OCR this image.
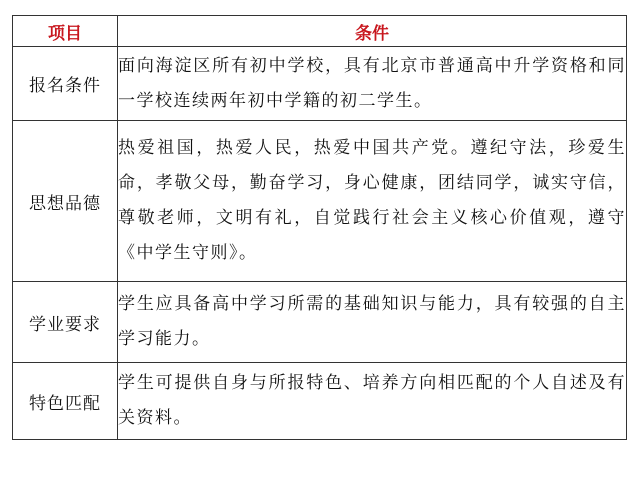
项目	条件
报名条件	面向海淀区所有初中学校，具有北京市普通高中升学资格和同一学校连续两年初中学籍的初二学生。
思想品德	热爱祖国，热爱人民，热爱中国共产党。遵纪守法，珍爱生命，孝敬父母，勤奋学习，身心健康，团结同学，诚实守信，尊敬老师，文明有礼，自觉践行社会主义核心价值观，遵守《中学生守则》。
学业要求	学生应具备高中学习所需的基础知识与能力，具有较强的自主学习能力。
特色匹配	学生可提供自身与所报特色、培养方向相匹配的个人自述及有关资料。
